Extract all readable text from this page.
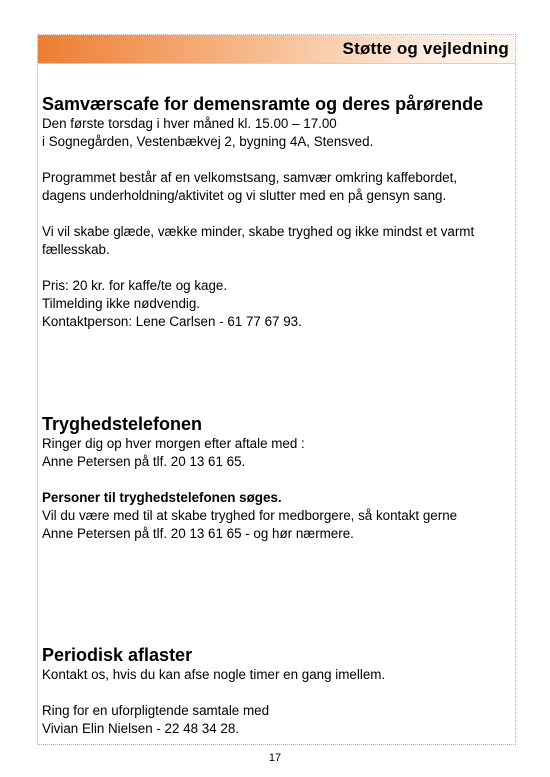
Støtte og vejledning

Samværscafe for demensramte og deres pårørende

Den første torsdag i hver måned kl. 15.00 – 17.00

i Sognegården, Vestenbækvej 2, bygning 4A, Stensved.

Programmet består af en velkomstsang, samvær omkring kaffebordet,

dagens underholdning/aktivitet og vi slutter med en på gensyn sang.

Vi vil skabe glæde, vække minder, skabe tryghed og ikke mindst et varmt

fællesskab.

Pris: 20 kr. for kaffe/te og kage.

Tilmelding ikke nødvendig.

Kontaktperson: Lene Carlsen - 61 77 67 93.

Tryghedstelefonen

Ringer dig op hver morgen efter aftale med :

Anne Petersen på tlf. 20 13 61 65.

Personer til tryghedstelefonen søges.

Vil du være med til at skabe tryghed for medborgere, så kontakt gerne

Anne Petersen på tlf. 20 13 61 65 - og hør nærmere.

Periodisk aflaster

Kontakt os, hvis du kan afse nogle timer en gang imellem.

Ring for en uforpligtende samtale med

Vivian Elin Nielsen - 22 48 34 28.

17
